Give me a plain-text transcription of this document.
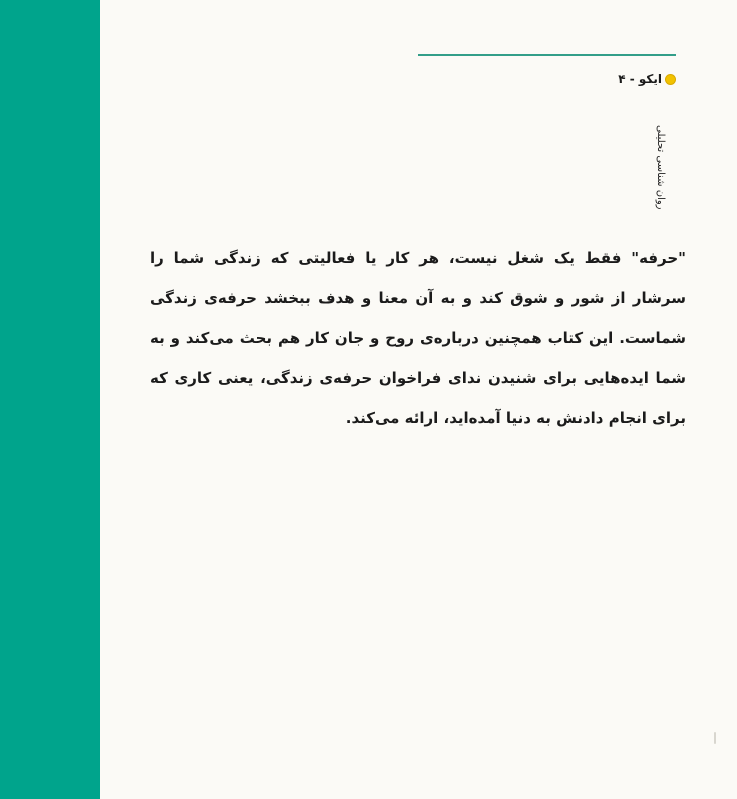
ایکو - ۴
روان شناسی تحلیلی

"حرفه" فقط یک شغل نیست، هر کار یا فعالیتی که زندگی شما را سرشار از شور و شوق کند و به آن معنا و هدف ببخشد حرفه‌ی زندگی شماست. این کتاب همچنین درباره‌ی روح و جان کار هم بحث می‌کند و به شما ایده‌هایی برای شنیدن ندای فراخوان حرفه‌ی زندگی، یعنی کاری که برای انجام دادنش به دنیا آمده‌اید، ارائه می‌کند.
